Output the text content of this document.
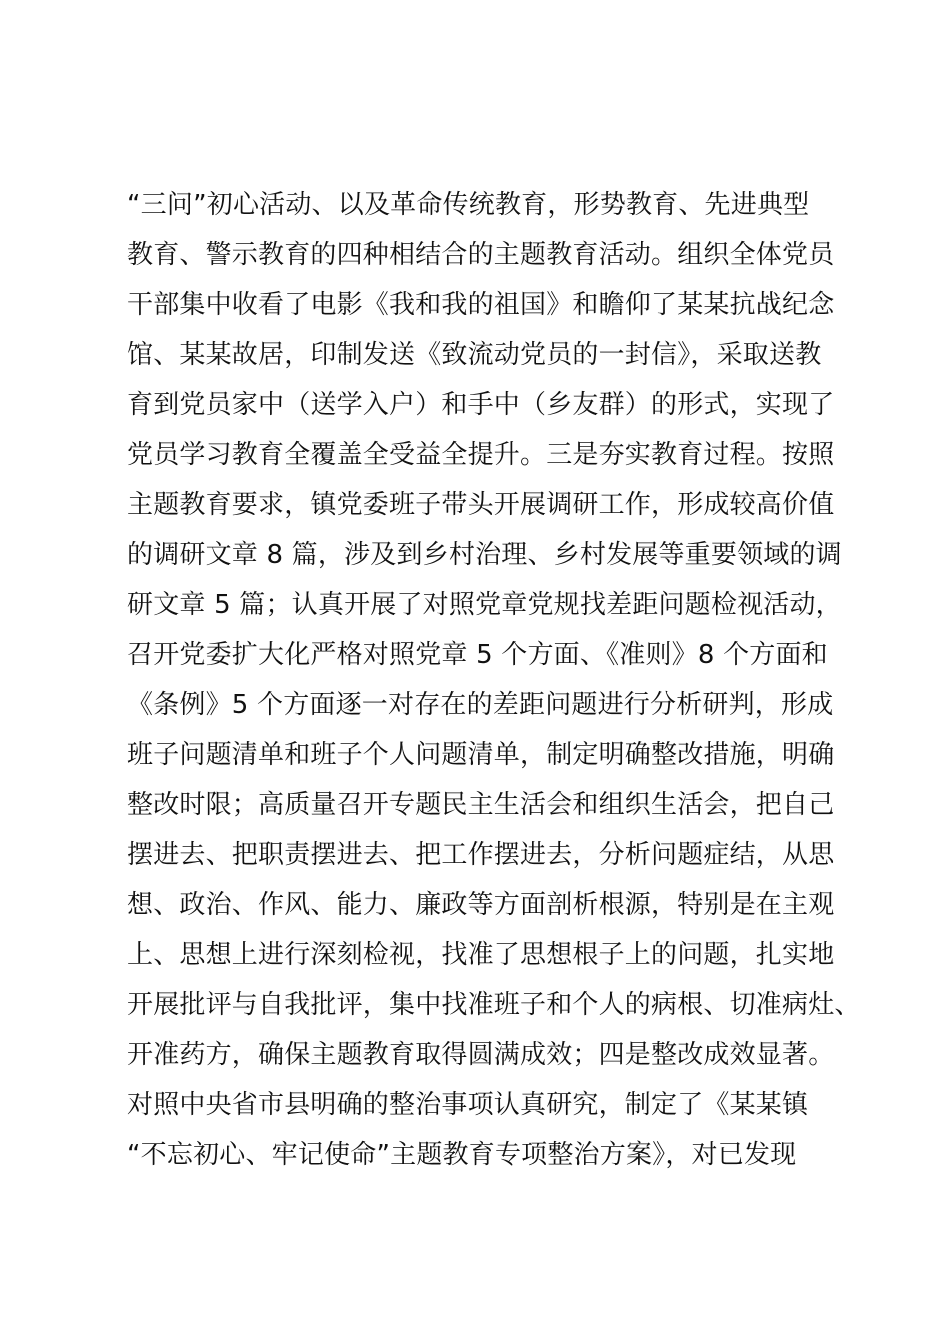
“三问”初心活动、以及革命传统教育，形势教育、先进典型
教育、警示教育的四种相结合的主题教育活动。组织全体党员
干部集中收看了电影《我和我的祖国》和瞻仰了某某抗战纪念
馆、某某故居，印制发送《致流动党员的一封信》，采取送教
育到党员家中（送学入户）和手中（乡友群）的形式，实现了
党员学习教育全覆盖全受益全提升。三是夯实教育过程。按照
主题教育要求，镇党委班子带头开展调研工作，形成较高价值
的调研文章 8 篇，涉及到乡村治理、乡村发展等重要领域的调
研文章 5 篇；认真开展了对照党章党规找差距问题检视活动，
召开党委扩大化严格对照党章 5 个方面、《准则》8 个方面和
《条例》5 个方面逐一对存在的差距问题进行分析研判，形成
班子问题清单和班子个人问题清单，制定明确整改措施，明确
整改时限；高质量召开专题民主生活会和组织生活会，把自己
摆进去、把职责摆进去、把工作摆进去，分析问题症结，从思
想、政治、作风、能力、廉政等方面剖析根源，特别是在主观
上、思想上进行深刻检视，找准了思想根子上的问题，扎实地
开展批评与自我批评，集中找准班子和个人的病根、切准病灶、
开准药方，确保主题教育取得圆满成效；四是整改成效显著。
对照中央省市县明确的整治事项认真研究，制定了《某某镇
“不忘初心、牢记使命”主题教育专项整治方案》，对已发现
